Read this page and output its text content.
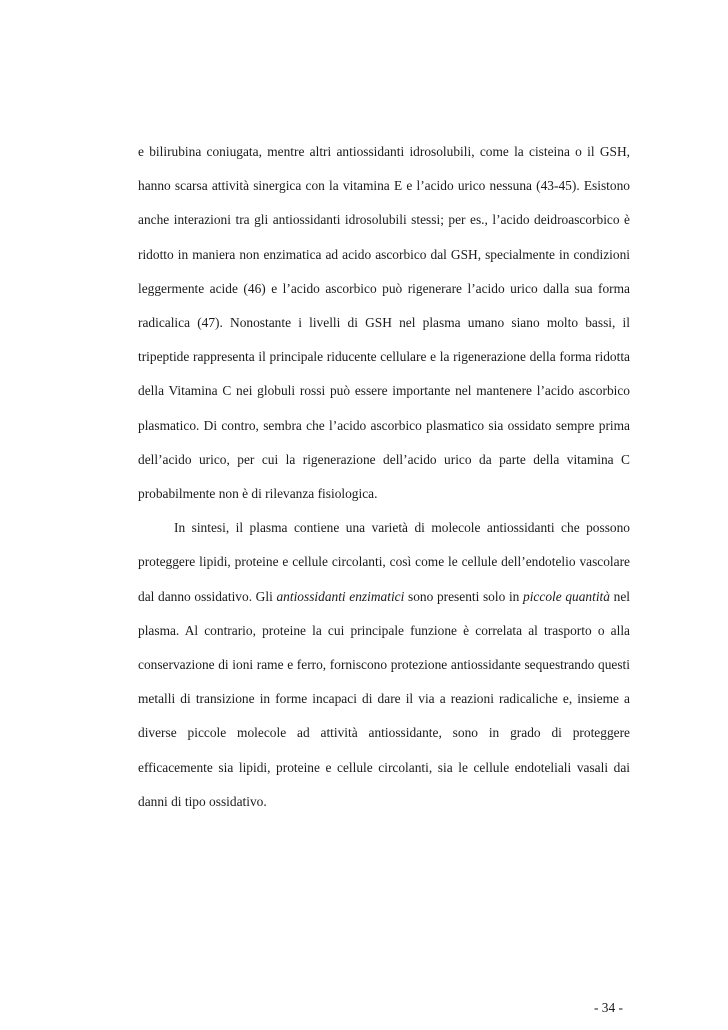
e bilirubina coniugata, mentre altri antiossidanti idrosolubili, come la cisteina o il GSH, hanno scarsa attività sinergica con la vitamina E e l’acido urico nessuna (43-45). Esistono anche interazioni tra gli antiossidanti idrosolubili stessi; per es., l’acido deidroascorbico è ridotto in maniera non enzimatica ad acido ascorbico dal GSH, specialmente in condizioni leggermente acide (46) e l’acido ascorbico può rigenerare l’acido urico dalla sua forma radicalica (47). Nonostante i livelli di GSH nel plasma umano siano molto bassi, il tripeptide rappresenta il principale riducente cellulare e la rigenerazione della forma ridotta della Vitamina C nei globuli rossi può essere importante nel mantenere l’acido ascorbico plasmatico. Di contro, sembra che l’acido ascorbico plasmatico sia ossidato sempre prima dell’acido urico, per cui la rigenerazione dell’acido urico da parte della vitamina C probabilmente non è di rilevanza fisiologica.

In sintesi, il plasma contiene una varietà di molecole antiossidanti che possono proteggere lipidi, proteine e cellule circolanti, così come le cellule dell’endotelio vascolare dal danno ossidativo. Gli antiossidanti enzimatici sono presenti solo in piccole quantità nel plasma. Al contrario, proteine la cui principale funzione è correlata al trasporto o alla conservazione di ioni rame e ferro, forniscono protezione antiossidante sequestrando questi metalli di transizione in forme incapaci di dare il via a reazioni radicaliche e, insieme a diverse piccole molecole ad attività antiossidante, sono in grado di proteggere efficacemente sia lipidi, proteine e cellule circolanti, sia le cellule endoteliali vasali dai danni di tipo ossidativo.

- 34 -
